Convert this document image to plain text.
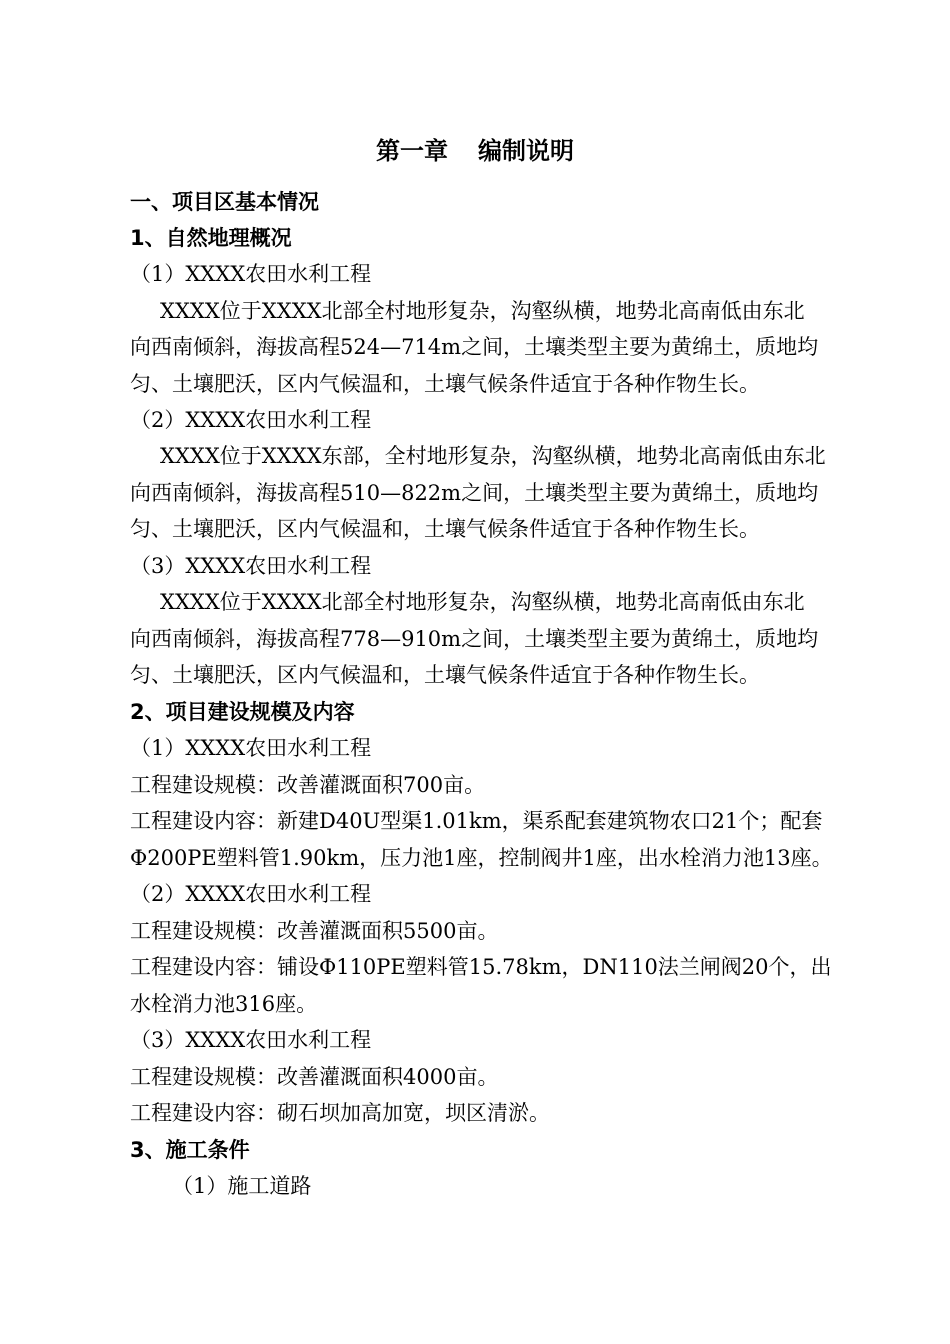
第一章 编制说明
一、项目区基本情况
1、自然地理概况
（1）XXXX农田水利工程
XXXX位于XXXX北部全村地形复杂，沟壑纵横，地势北高南低由东北
向西南倾斜，海拔高程524—714m之间，土壤类型主要为黄绵土，质地均
匀、土壤肥沃，区内气候温和，土壤气候条件适宜于各种作物生长。
（2）XXXX农田水利工程
XXXX位于XXXX东部，全村地形复杂，沟壑纵横，地势北高南低由东北
向西南倾斜，海拔高程510—822m之间，土壤类型主要为黄绵土，质地均
匀、土壤肥沃，区内气候温和，土壤气候条件适宜于各种作物生长。
（3）XXXX农田水利工程
XXXX位于XXXX北部全村地形复杂，沟壑纵横，地势北高南低由东北
向西南倾斜，海拔高程778—910m之间，土壤类型主要为黄绵土，质地均
匀、土壤肥沃，区内气候温和，土壤气候条件适宜于各种作物生长。
2、项目建设规模及内容
（1）XXXX农田水利工程
工程建设规模：改善灌溉面积700亩。
工程建设内容：新建D40U型渠1.01km，渠系配套建筑物农口21个；配套
Φ200PE塑料管1.90km，压力池1座，控制阀井1座，出水栓消力池13座。
（2）XXXX农田水利工程
工程建设规模：改善灌溉面积5500亩。
工程建设内容：铺设Φ110PE塑料管15.78km，DN110法兰闸阀20个，出
水栓消力池316座。
（3）XXXX农田水利工程
工程建设规模：改善灌溉面积4000亩。
工程建设内容：砌石坝加高加宽，坝区清淤。
3、施工条件
（1）施工道路
